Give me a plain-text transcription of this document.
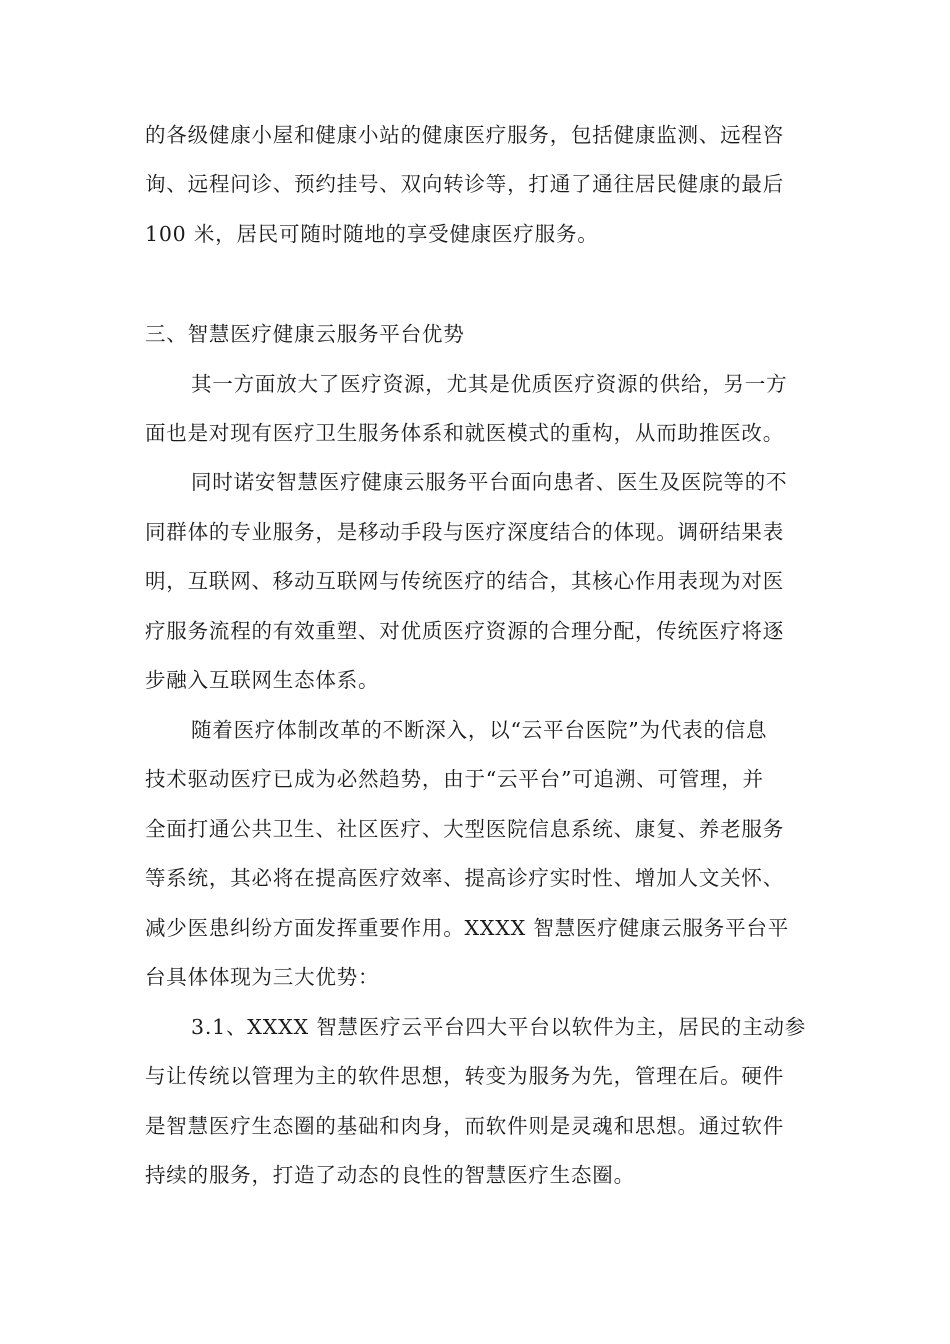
的各级健康小屋和健康小站的健康医疗服务，包括健康监测、远程咨
询、远程问诊、预约挂号、双向转诊等，打通了通往居民健康的最后
100 米，居民可随时随地的享受健康医疗服务。
三、智慧医疗健康云服务平台优势
其一方面放大了医疗资源，尤其是优质医疗资源的供给，另一方
面也是对现有医疗卫生服务体系和就医模式的重构，从而助推医改。
同时诺安智慧医疗健康云服务平台面向患者、医生及医院等的不
同群体的专业服务，是移动手段与医疗深度结合的体现。调研结果表
明，互联网、移动互联网与传统医疗的结合，其核心作用表现为对医
疗服务流程的有效重塑、对优质医疗资源的合理分配，传统医疗将逐
步融入互联网生态体系。
随着医疗体制改革的不断深入，以“云平台医院”为代表的信息
技术驱动医疗已成为必然趋势，由于“云平台”可追溯、可管理，并
全面打通公共卫生、社区医疗、大型医院信息系统、康复、养老服务
等系统，其必将在提高医疗效率、提高诊疗实时性、增加人文关怀、
减少医患纠纷方面发挥重要作用。XXXX 智慧医疗健康云服务平台平
台具体体现为三大优势：
3.1、XXXX 智慧医疗云平台四大平台以软件为主，居民的主动参
与让传统以管理为主的软件思想，转变为服务为先，管理在后。硬件
是智慧医疗生态圈的基础和肉身，而软件则是灵魂和思想。通过软件
持续的服务，打造了动态的良性的智慧医疗生态圈。
